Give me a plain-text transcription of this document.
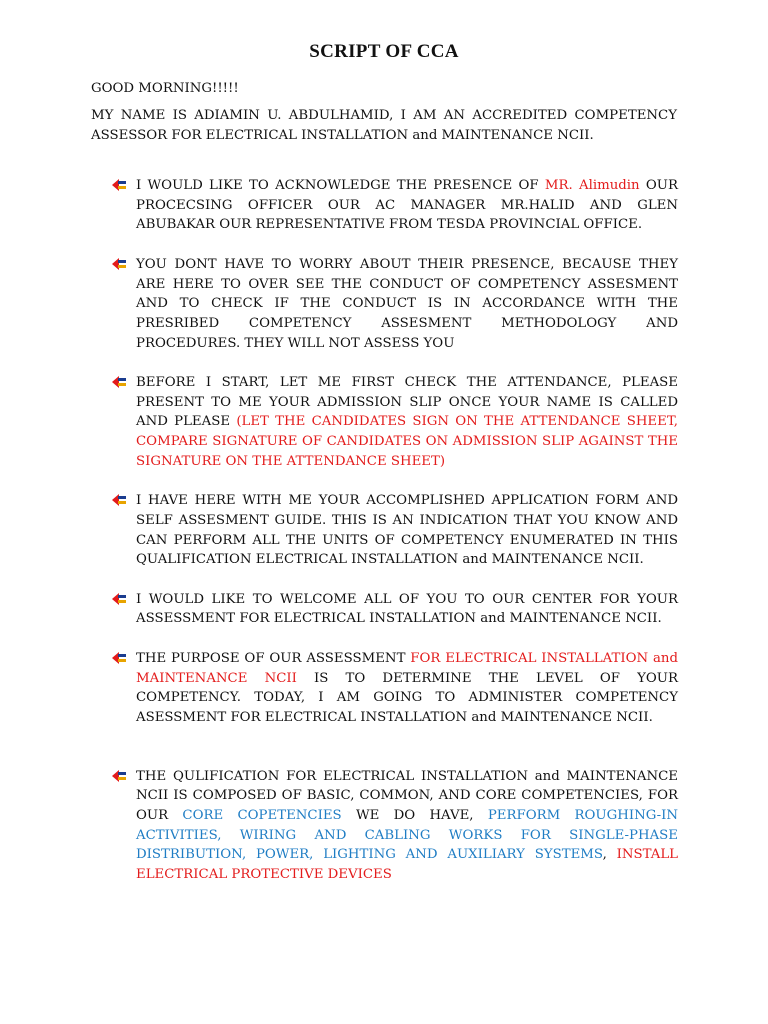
SCRIPT OF CCA
GOOD MORNING!!!!!
MY NAME IS ADIAMIN U. ABDULHAMID, I AM AN ACCREDITED COMPETENCY ASSESSOR FOR ELECTRICAL INSTALLATION and MAINTENANCE NCII.
I WOULD LIKE TO ACKNOWLEDGE THE PRESENCE OF MR. Alimudin OUR PROCECSING OFFICER OUR AC MANAGER MR.HALID AND GLEN ABUBAKAR OUR REPRESENTATIVE FROM TESDA PROVINCIAL OFFICE.
YOU DONT HAVE TO WORRY ABOUT THEIR PRESENCE, BECAUSE THEY ARE HERE TO OVER SEE THE CONDUCT OF COMPETENCY ASSESMENT AND TO CHECK IF THE CONDUCT IS IN ACCORDANCE WITH THE PRESRIBED COMPETENCY ASSESMENT METHODOLOGY AND PROCEDURES. THEY WILL NOT ASSESS YOU
BEFORE I START, LET ME FIRST CHECK THE ATTENDANCE, PLEASE PRESENT TO ME YOUR ADMISSION SLIP ONCE YOUR NAME IS CALLED AND PLEASE (LET THE CANDIDATES SIGN ON THE ATTENDANCE SHEET, COMPARE SIGNATURE OF CANDIDATES ON ADMISSION SLIP AGAINST THE SIGNATURE ON THE ATTENDANCE SHEET)
I HAVE HERE WITH ME YOUR ACCOMPLISHED APPLICATION FORM AND SELF ASSESMENT GUIDE. THIS IS AN INDICATION THAT YOU KNOW AND CAN PERFORM ALL THE UNITS OF COMPETENCY ENUMERATED IN THIS QUALIFICATION ELECTRICAL INSTALLATION and MAINTENANCE NCII.
I WOULD LIKE TO WELCOME ALL OF YOU TO OUR CENTER FOR YOUR ASSESSMENT FOR ELECTRICAL INSTALLATION and MAINTENANCE NCII.
THE PURPOSE OF OUR ASSESSMENT FOR ELECTRICAL INSTALLATION and MAINTENANCE NCII IS TO DETERMINE THE LEVEL OF YOUR COMPETENCY. TODAY, I AM GOING TO ADMINISTER COMPETENCY ASESSMENT FOR ELECTRICAL INSTALLATION and MAINTENANCE NCII.
THE QULIFICATION FOR ELECTRICAL INSTALLATION and MAINTENANCE NCII IS COMPOSED OF BASIC, COMMON, AND CORE COMPETENCIES, FOR OUR CORE COPETENCIES WE DO HAVE, PERFORM ROUGHING-IN ACTIVITIES, WIRING AND CABLING WORKS FOR SINGLE-PHASE DISTRIBUTION, POWER, LIGHTING AND AUXILIARY SYSTEMS, INSTALL ELECTRICAL PROTECTIVE DEVICES
